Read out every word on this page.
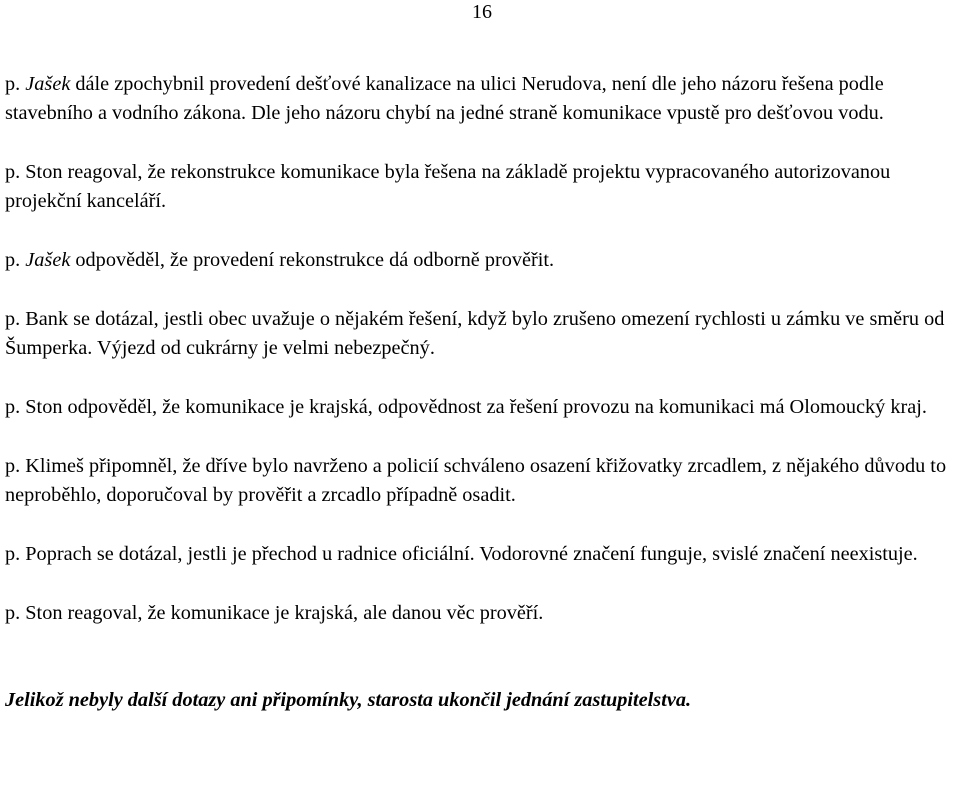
16

p. Jašek dále zpochybnil provedení dešťové kanalizace na ulici Nerudova, není dle jeho názoru řešena podle stavebního a vodního zákona. Dle jeho názoru chybí na jedné straně komunikace vpustě pro dešťovou vodu.

p. Ston reagoval, že rekonstrukce komunikace byla řešena na základě projektu vypracovaného autorizovanou projekční kanceláří.

p. Jašek odpověděl, že provedení rekonstrukce dá odborně prověřit.

p. Bank se dotázal, jestli obec uvažuje o nějakém řešení, když bylo zrušeno omezení rychlosti u zámku ve směru od Šumperka. Výjezd od cukrárny je velmi nebezpečný.

p. Ston odpověděl, že komunikace je krajská, odpovědnost za řešení provozu na komunikaci má Olomoucký kraj.

p. Klimeš připomněl, že dříve bylo navrženo a policií schváleno osazení křižovatky zrcadlem, z nějakého důvodu to neproběhlo, doporučoval by prověřit a zrcadlo případně osadit.

p. Poprach se dotázal, jestli je přechod u radnice oficiální. Vodorovné značení funguje, svislé značení neexistuje.

p. Ston reagoval, že komunikace je krajská, ale danou věc prověří.

Jelikož nebyly další dotazy ani připomínky, starosta ukončil jednání zastupitelstva.
